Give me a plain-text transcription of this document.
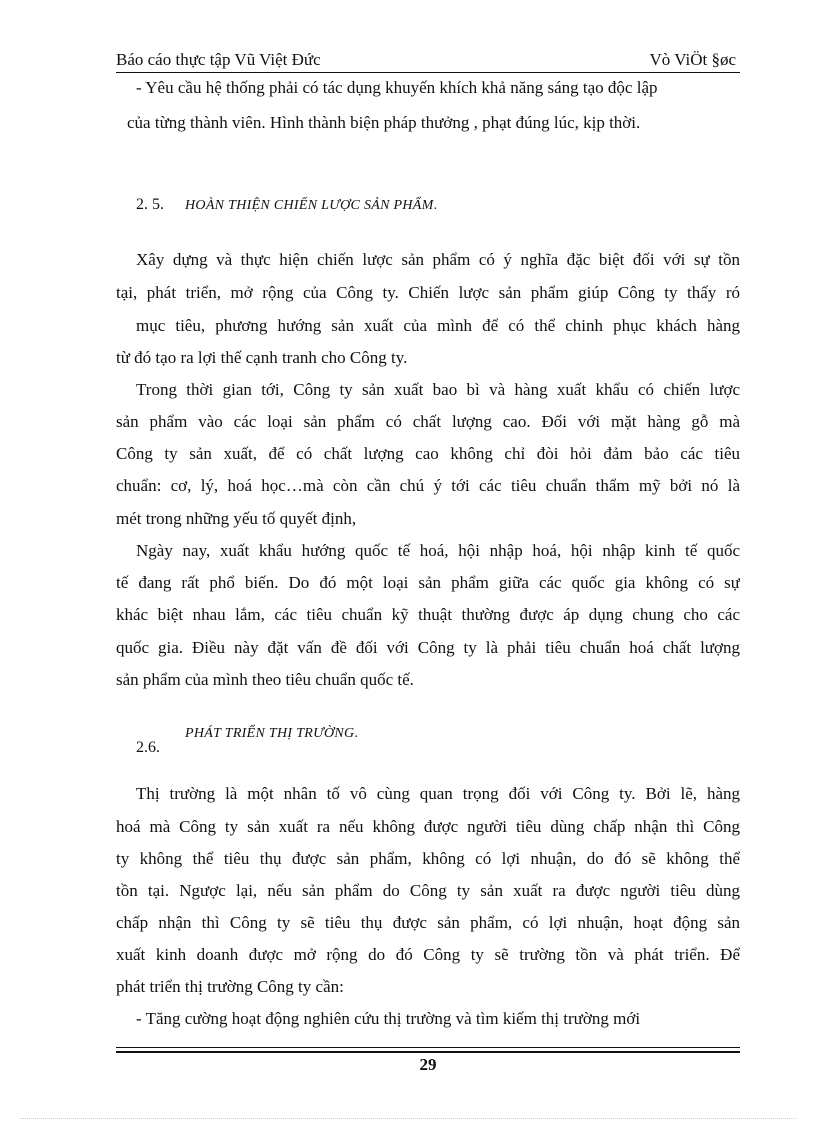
Báo cáo thực tập Vũ Việt Đức	Vò ViÖt §øc
- Yêu cầu hệ thống phải có tác dụng khuyến khích khả năng sáng tạo độc lập
của từng thành viên. Hình thành biện pháp thưởng , phạt đúng lúc, kịp thời.
2. 5. HOÀN THIỆN CHIẾN LƯỢC SẢN PHẨM.
Xây dựng và thực hiện chiến lược sản phẩm có ý nghĩa đặc biệt đối với sự tồn
tại, phát triển, mở rộng của Công ty. Chiến lược sản phẩm giúp Công ty thấy ró
mục tiêu, phương hướng sản xuất của mình để có thể chinh phục khách hàng
từ đó tạo ra lợi thế cạnh tranh cho Công ty.
Trong thời gian tới, Công ty sản xuất bao bì và hàng xuất khẩu có chiến lược
sản phẩm vào các loại sản phẩm có chất lượng cao. Đối với mặt hàng gỗ mà
Công ty sản xuất, để có chất lượng cao không chỉ đòi hỏi đảm bảo các tiêu
chuẩn: cơ, lý, hoá học…mà còn cần chú ý tới các tiêu chuẩn thẩm mỹ bởi nó là
mét trong những yếu tố quyết định,
Ngày nay, xuất khẩu hướng quốc tế hoá, hội nhập hoá, hội nhập kinh tế quốc
tế đang rất phổ biến. Do đó một loại sản phẩm giữa các quốc gia không có sự
khác biệt nhau lắm, các tiêu chuẩn kỹ thuật thường được áp dụng chung cho các
quốc gia. Điều này đặt vấn đề đối với Công ty là phải tiêu chuẩn hoá chất lượng
sản phẩm của mình theo tiêu chuẩn quốc tế.
2.6.
PHÁT TRIỂN THỊ TRƯỜNG.
Thị trường là một nhân tố vô cùng quan trọng đối với Công ty. Bởi lẽ, hàng
hoá mà Công ty sản xuất ra nếu không được người tiêu dùng chấp nhận thì Công
ty không thể tiêu thụ được sản phẩm, không có lợi nhuận, do đó sẽ không thể
tồn tại. Ngược lại, nếu sản phẩm do Công ty sản xuất ra được người tiêu dùng
chấp nhận thì Công ty sẽ tiêu thụ được sản phẩm, có lợi nhuận, hoạt động sản
xuất kinh doanh được mở rộng do đó Công ty sẽ trường tồn và phát triển. Để
phát triển thị trường Công ty cần:
- Tăng cường hoạt động nghiên cứu thị trường và tìm kiếm thị trường mới
29
